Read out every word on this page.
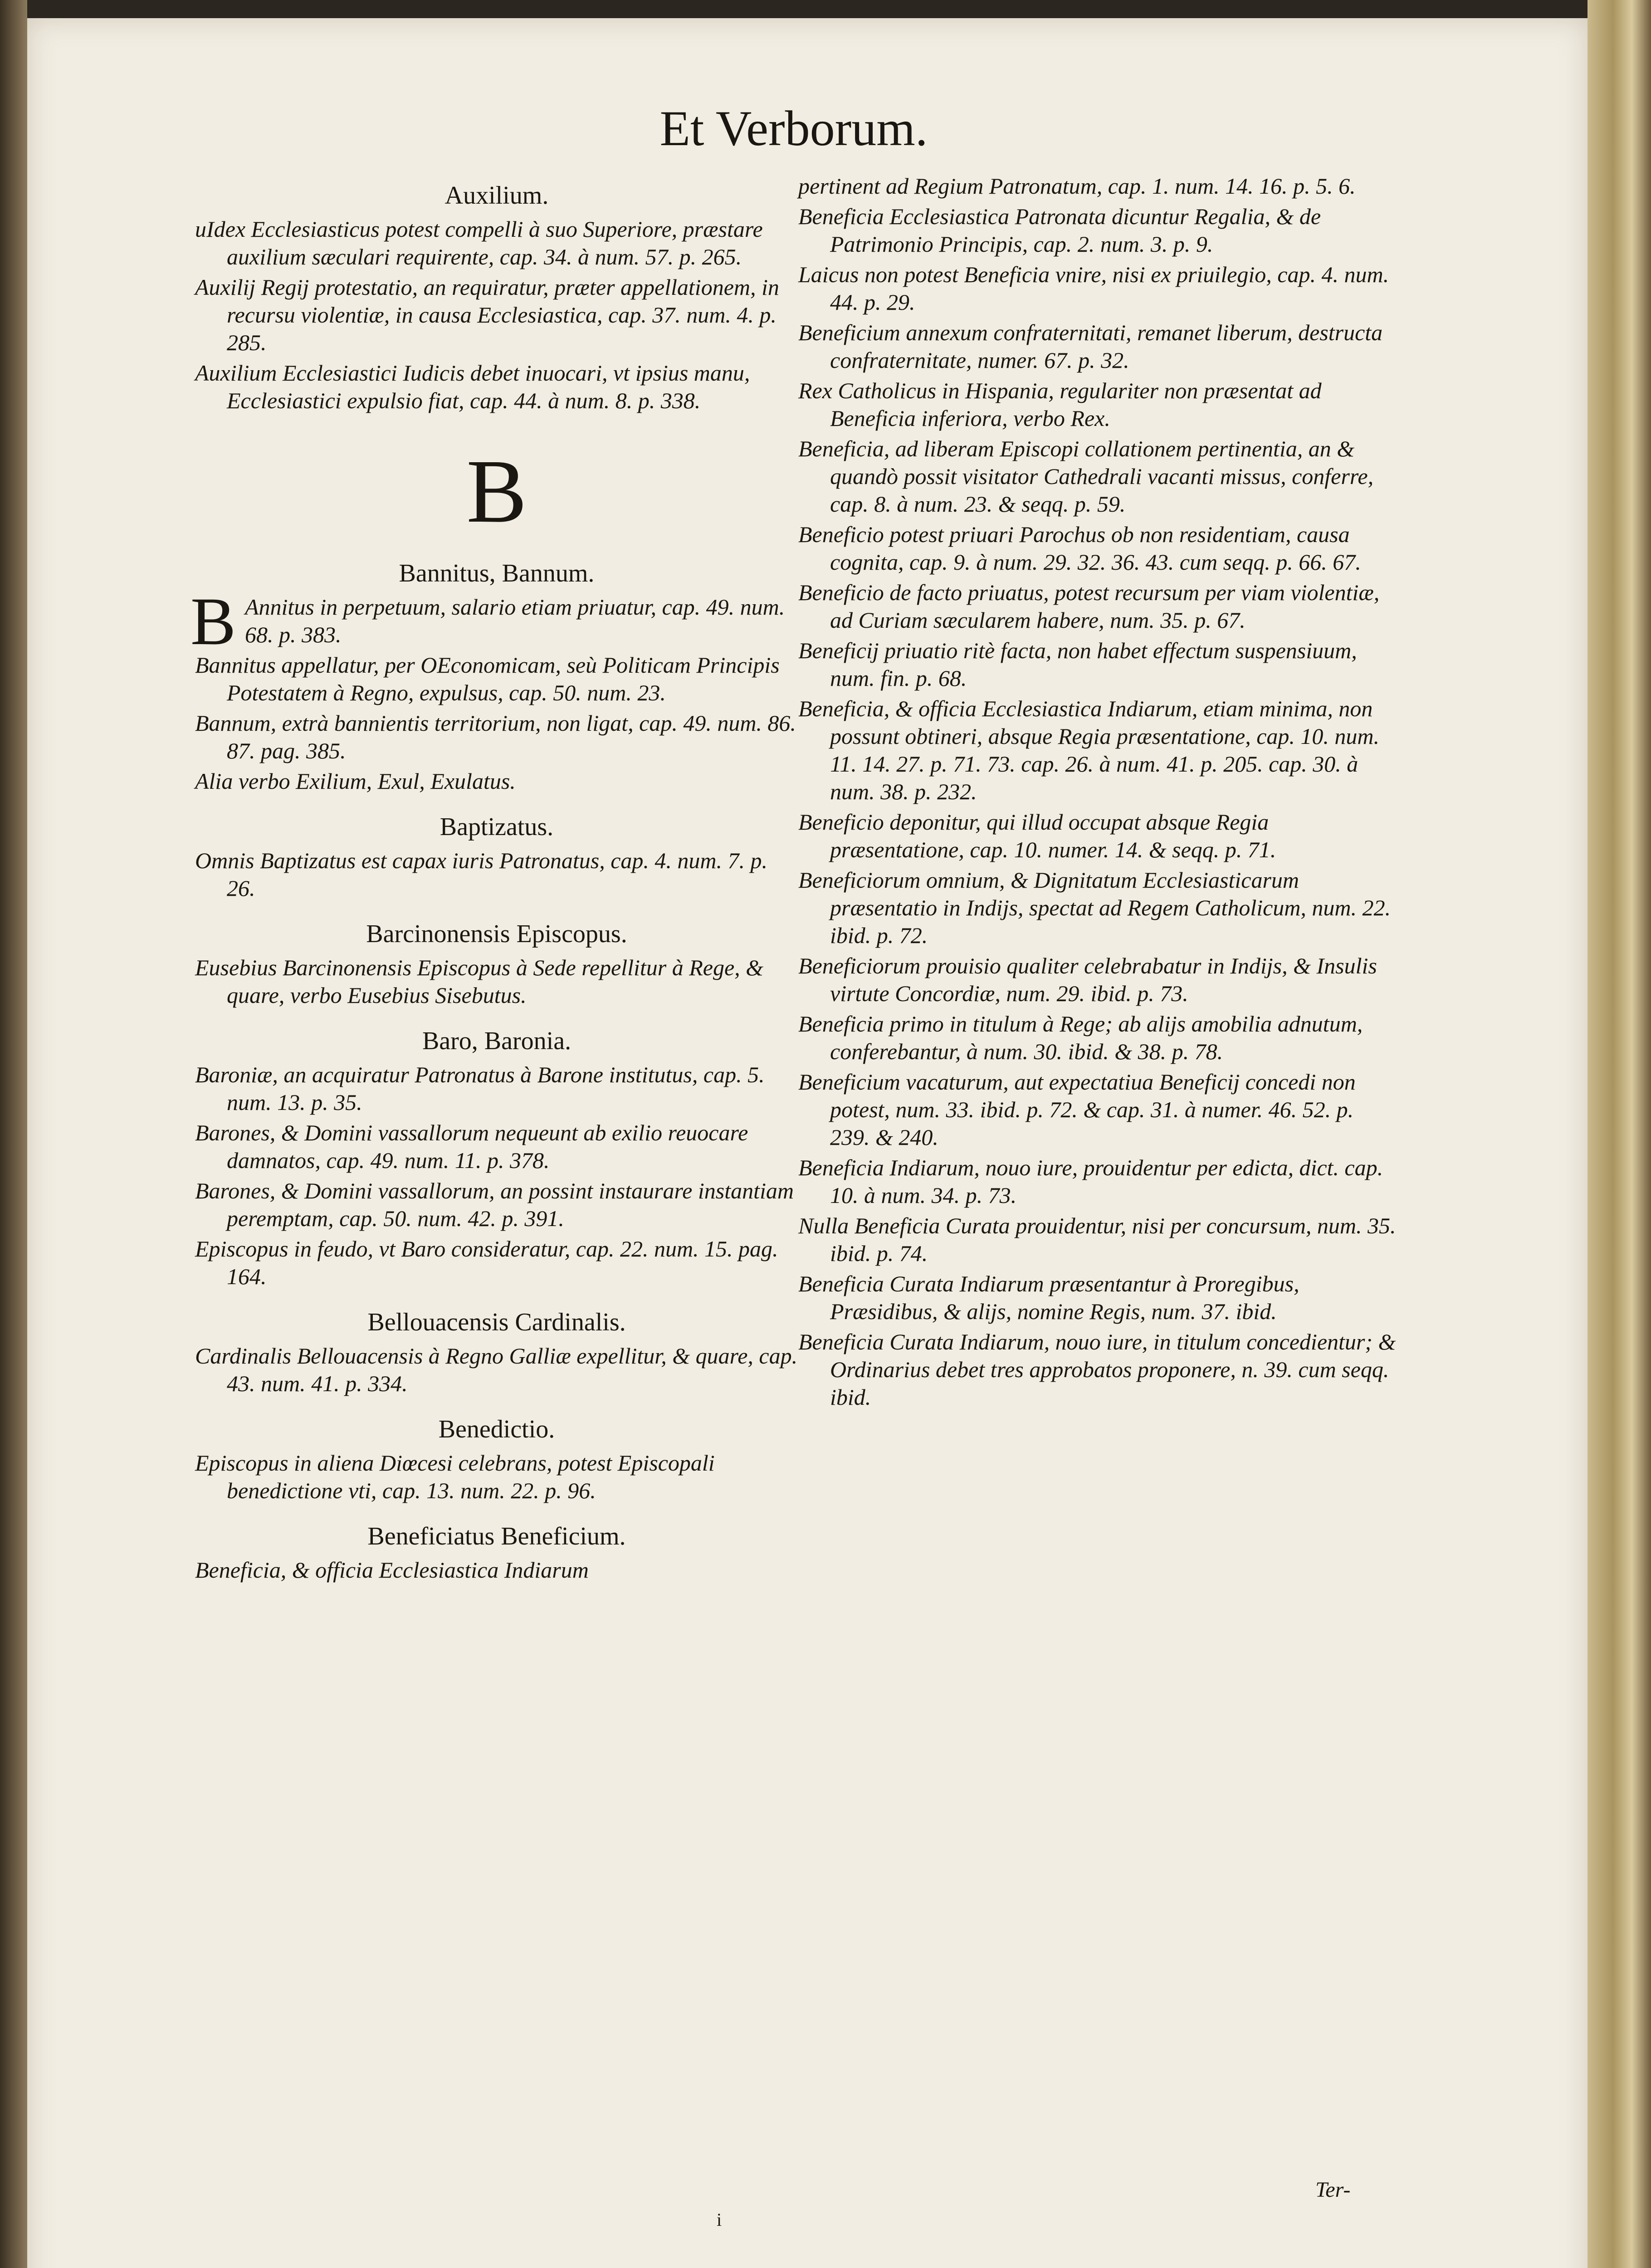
Et Verborum.
Auxilium.
uIdex Ecclesiasticus potest compelli à suo Superiore, præstare auxilium sæculari requirente, cap. 34. à num. 57. p. 265.
Auxilij Regij protestatio, an requiratur, præter appellationem, in recursu violentiæ, in causa Ecclesiastica, cap. 37. num. 4. p. 285.
Auxilium Ecclesiastici Iudicis debet inuocari, vt ipsius manu, Ecclesiastici expulsio fiat, cap. 44. à num. 8. p. 338.
B
Bannitus, Bannum.
B Annitus in perpetuum, salario etiam priuatur, cap. 49. num. 68. p. 383.
Bannitus appellatur, per OEconomicam, seù Politicam Principis Potestatem à Regno, expulsus, cap. 50. num. 23.
Bannum, extrà bannientis territorium, non ligat, cap. 49. num. 86. 87. pag. 385.
Alia verbo Exilium, Exul, Exulatus.
Baptizatus.
Omnis Baptizatus est capax iuris Patronatus, cap. 4. num. 7. p. 26.
Barcinonensis Episcopus.
Eusebius Barcinonensis Episcopus à Sede repellitur à Rege, & quare, verbo Eusebius Sisebutus.
Baro, Baronia.
Baroniæ, an acquiratur Patronatus à Barone institutus, cap. 5. num. 13. p. 35.
Barones, & Domini vassallorum nequeunt ab exilio reuocare damnatos, cap. 49. num. 11. p. 378.
Barones, & Domini vassallorum, an possint instaurare instantiam peremptam, cap. 50. num. 42. p. 391.
Episcopus in feudo, vt Baro consideratur, cap. 22. num. 15. pag. 164.
Bellouacensis Cardinalis.
Cardinalis Bellouacensis à Regno Galliæ expellitur, & quare, cap. 43. num. 41. p. 334.
Benedictio.
Episcopus in aliena Diœcesi celebrans, potest Episcopali benedictione vti, cap. 13. num. 22. p. 96.
Beneficiatus Beneficium.
Beneficia, & officia Ecclesiastica Indiarum
pertinent ad Regium Patronatum, cap. 1. num. 14. 16. p. 5. 6.
Beneficia Ecclesiastica Patronata dicuntur Regalia, & de Patrimonio Principis, cap. 2. num. 3. p. 9.
Laicus non potest Beneficia vnire, nisi ex priuilegio, cap. 4. num. 44. p. 29.
Beneficium annexum confraternitati, remanet liberum, destructa confraternitate, numer. 67. p. 32.
Rex Catholicus in Hispania, regulariter non præsentat ad Beneficia inferiora, verbo Rex.
Beneficia, ad liberam Episcopi collationem pertinentia, an & quandò possit visitator Cathedrali vacanti missus, conferre, cap. 8. à num. 23. & seqq. p. 59.
Beneficio potest priuari Parochus ob non residentiam, causa cognita, cap. 9. à num. 29. 32. 36. 43. cum seqq. p. 66. 67.
Beneficio de facto priuatus, potest recursum per viam violentiæ, ad Curiam sæcularem habere, num. 35. p. 67.
Beneficij priuatio ritè facta, non habet effectum suspensiuum, num. fin. p. 68.
Beneficia, & officia Ecclesiastica Indiarum, etiam minima, non possunt obtineri, absque Regia præsentatione, cap. 10. num. 11. 14. 27. p. 71. 73. cap. 26. à num. 41. p. 205. cap. 30. à num. 38. p. 232.
Beneficio deponitur, qui illud occupat absque Regia præsentatione, cap. 10. numer. 14. & seqq. p. 71.
Beneficiorum omnium, & Dignitatum Ecclesiasticarum præsentatio in Indijs, spectat ad Regem Catholicum, num. 22. ibid. p. 72.
Beneficiorum prouisio qualiter celebrabatur in Indijs, & Insulis virtute Concordiæ, num. 29. ibid. p. 73.
Beneficia primo in titulum à Rege; ab alijs amobilia adnutum, conferebantur, à num. 30. ibid. & 38. p. 78.
Beneficium vacaturum, aut expectatiua Beneficij concedi non potest, num. 33. ibid. p. 72. & cap. 31. à numer. 46. 52. p. 239. & 240.
Beneficia Indiarum, nouo iure, prouidentur per edicta, dict. cap. 10. à num. 34. p. 73.
Nulla Beneficia Curata prouidentur, nisi per concursum, num. 35. ibid. p. 74.
Beneficia Curata Indiarum præsentantur à Proregibus, Præsidibus, & alijs, nomine Regis, num. 37. ibid.
Beneficia Curata Indiarum, nouo iure, in titulum concedientur; & Ordinarius debet tres approbatos proponere, n. 39. cum seqq. ibid.
Ter-
i
